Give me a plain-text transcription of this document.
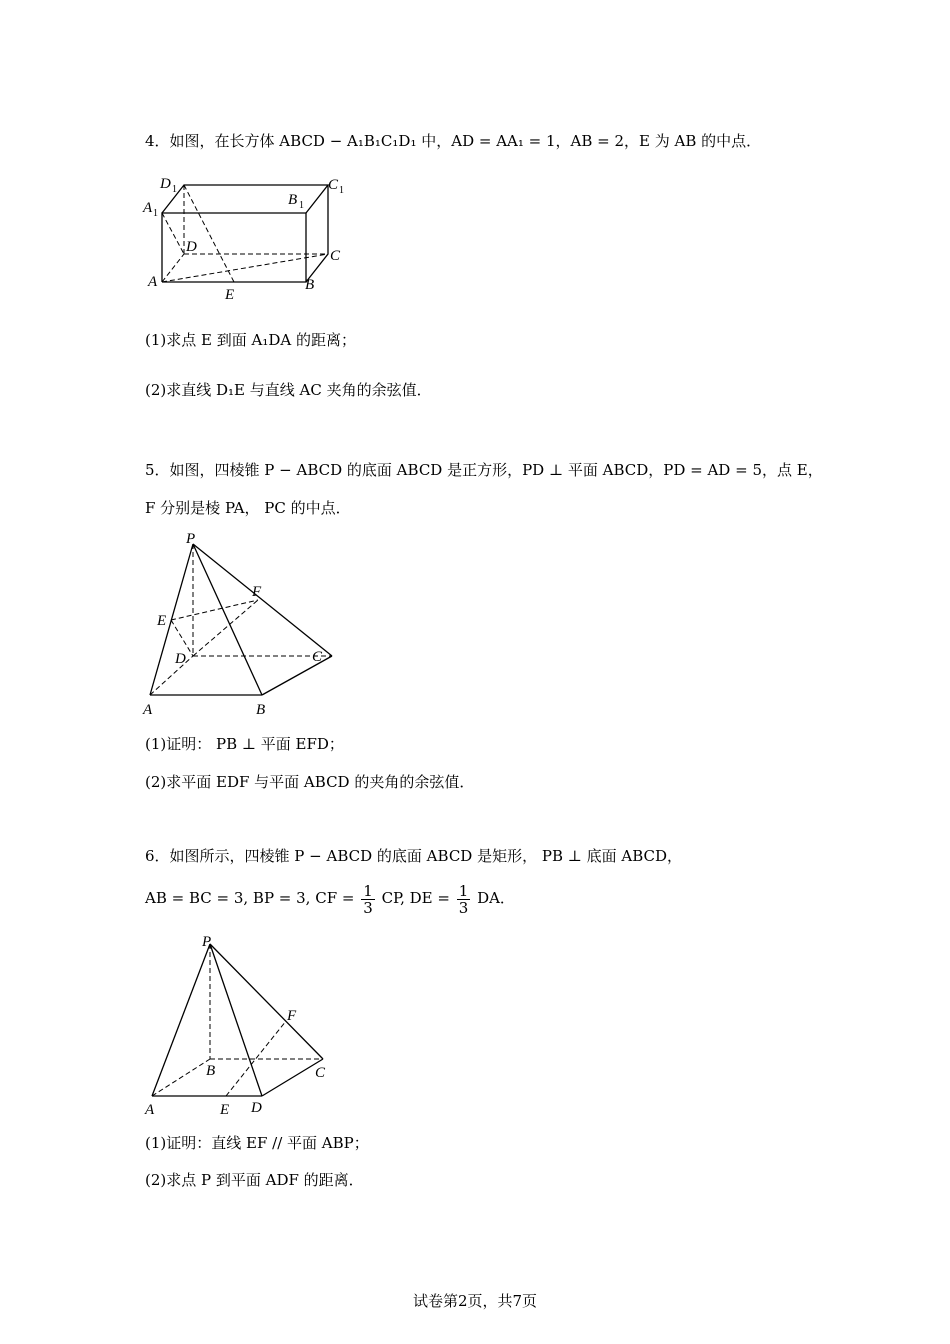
4．如图，在长方体 ABCD − A₁B₁C₁D₁ 中，AD = AA₁ = 1，AB = 2，E 为 AB 的中点．
D 1	C 1
A 1
B 1
D
C
A	B
E
(1)求点 E 到面 A₁DA 的距离；
(2)求直线 D₁E 与直线 AC 夹角的余弦值．
5．如图，四棱锥 P − ABCD 的底面 ABCD 是正方形，PD ⊥ 平面 ABCD，PD = AD = 5，点 E，
F 分别是棱 PA， PC 的中点．
P
F
E
D	C
A	B
(1)证明： PB ⊥ 平面 EFD；
(2)求平面 EDF 与平面 ABCD 的夹角的余弦值．
6．如图所示，四棱锥 P − ABCD 的底面 ABCD 是矩形， PB ⊥ 底面 ABCD，
AB = BC = 3, BP = 3, CF = $\frac{1}{3}$ CP, DE = $\frac{1}{3}$ DA．
P
F
B	C
A	E D
(1)证明：直线 EF // 平面 ABP；
(2)求点 P 到平面 ADF 的距离．
试卷第2页，共7页
